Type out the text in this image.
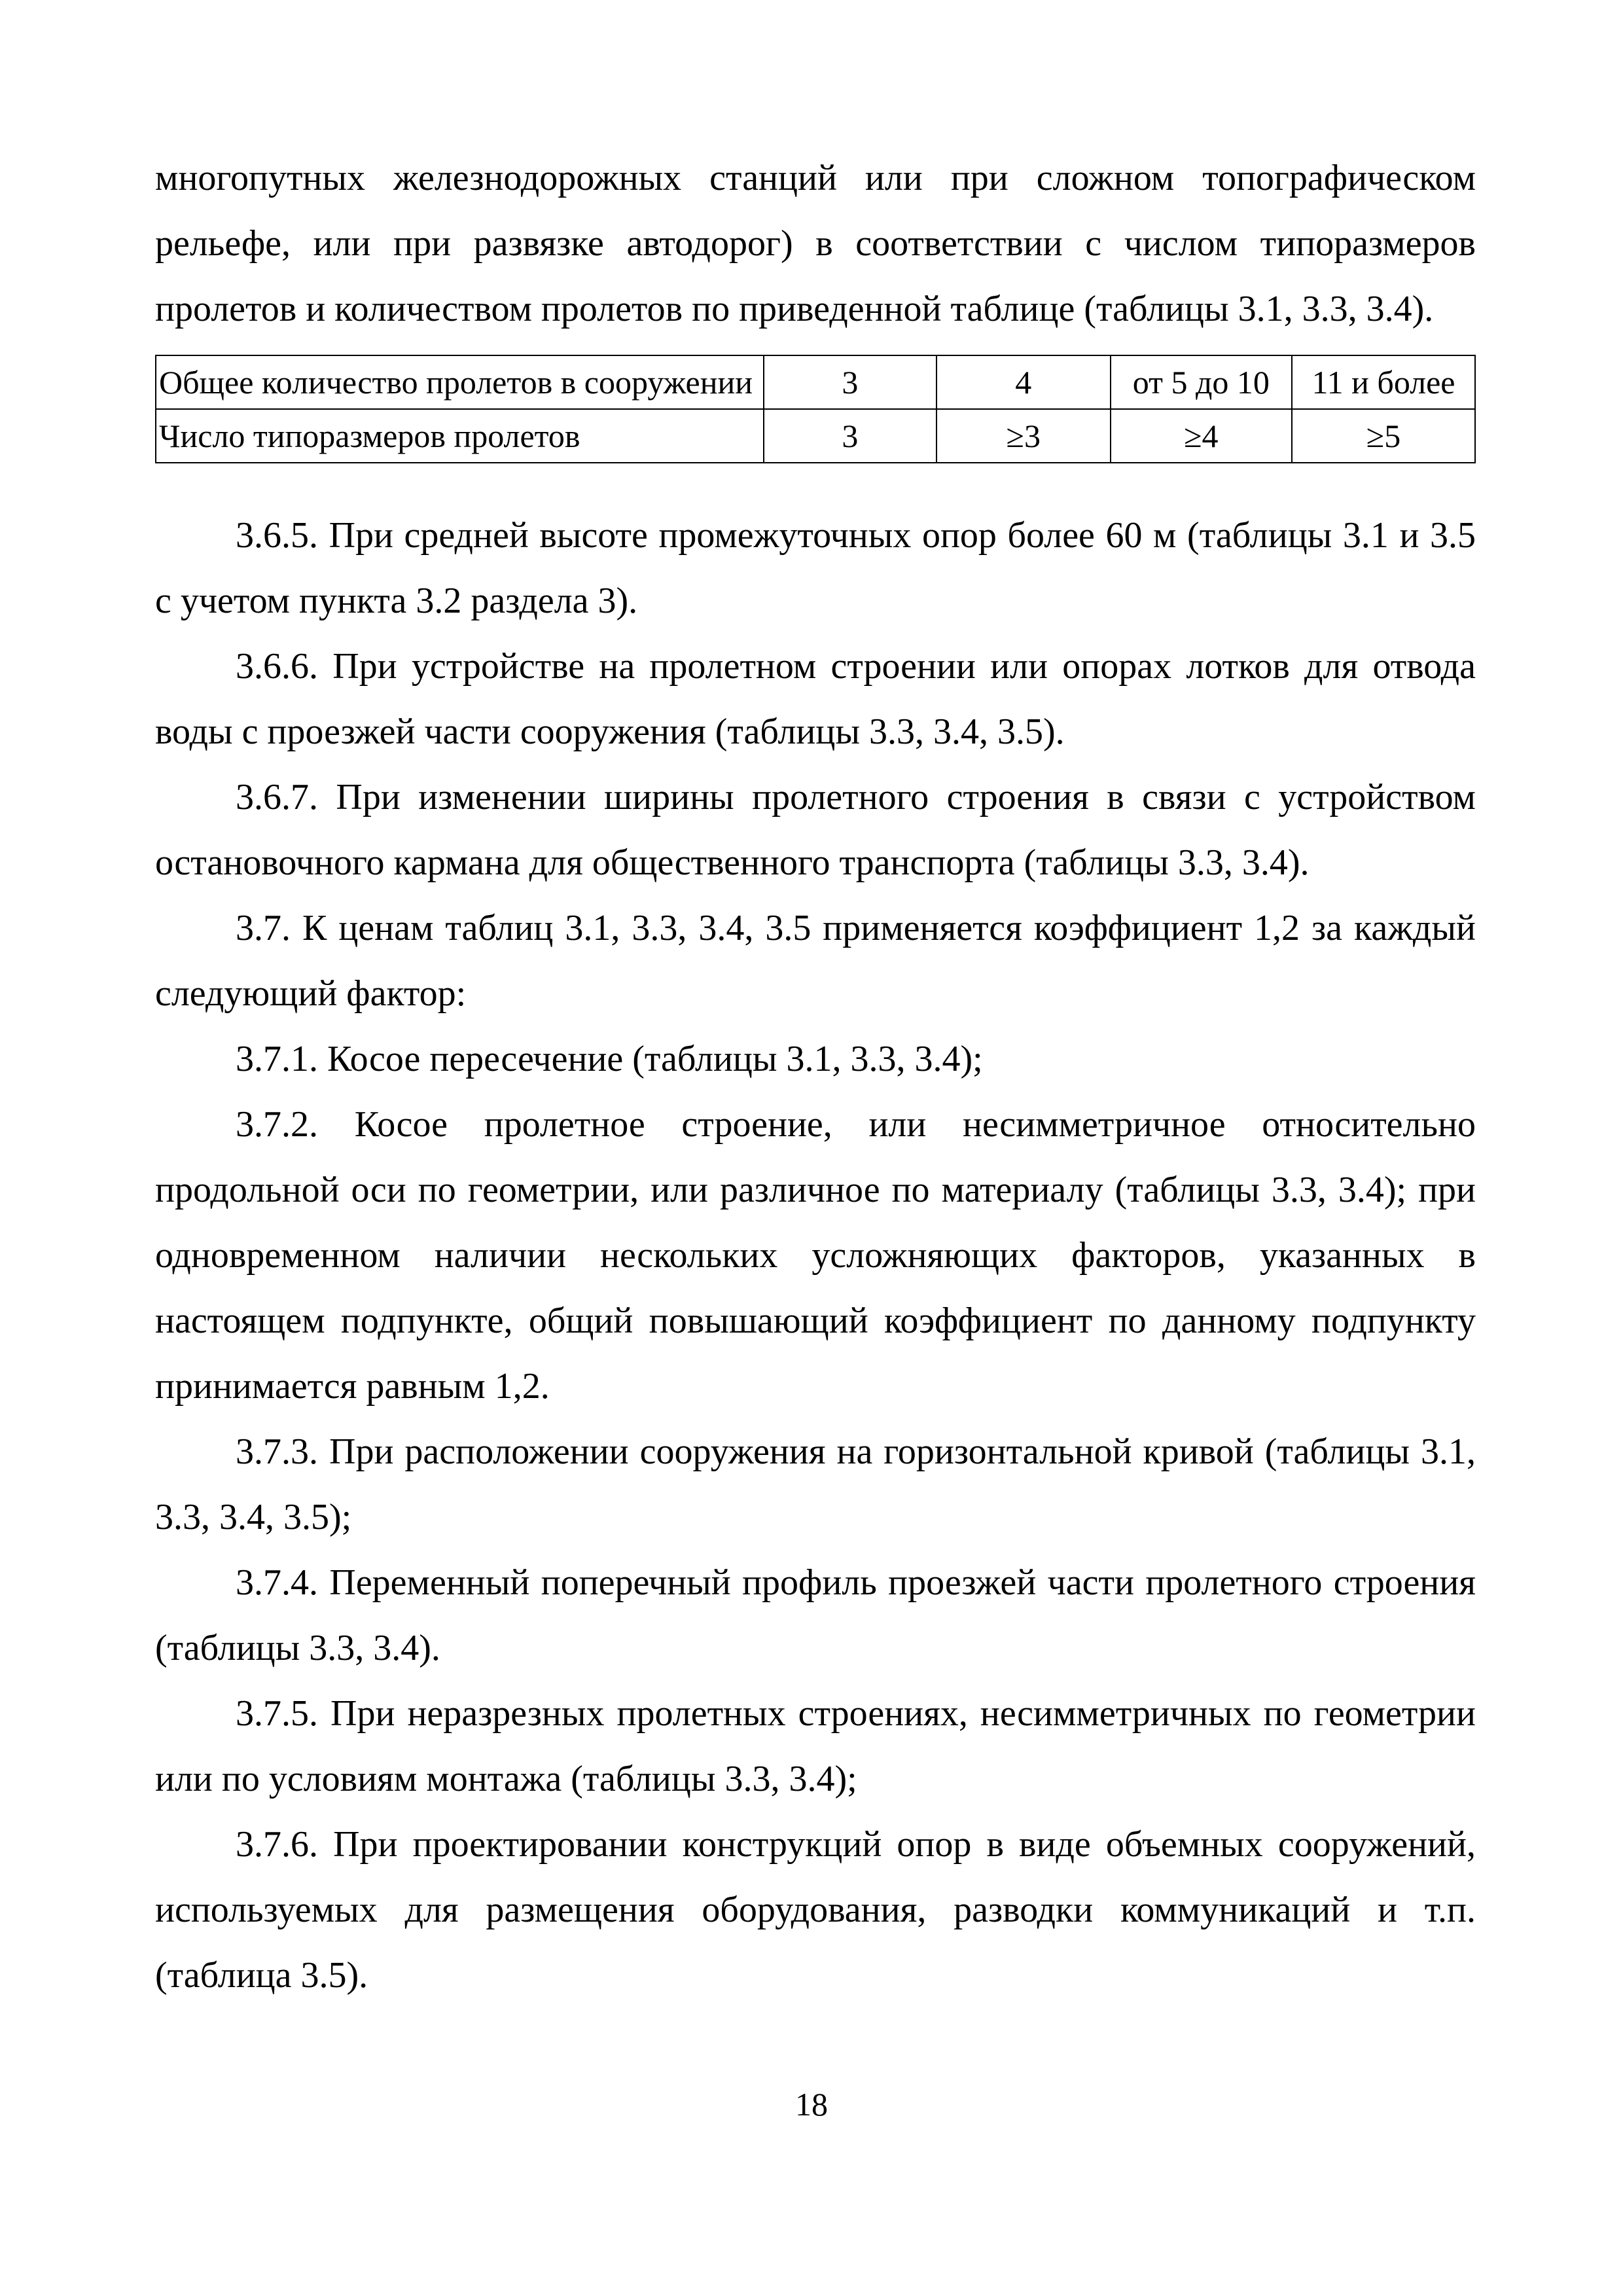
многопутных железнодорожных станций или при сложном топографическом рельефе, или при развязке автодорог) в соответствии с числом типоразмеров пролетов и количеством пролетов по приведенной таблице (таблицы 3.1, 3.3, 3.4).

Общее количество пролетов в сооружении	3	4	от 5 до 10	11 и более
Число типоразмеров пролетов	3	≥3	≥4	≥5

3.6.5. При средней высоте промежуточных опор более 60 м (таблицы 3.1 и 3.5 с учетом пункта 3.2 раздела 3).

3.6.6. При устройстве на пролетном строении или опорах лотков для отвода воды с проезжей части сооружения (таблицы 3.3, 3.4, 3.5).

3.6.7. При изменении ширины пролетного строения в связи с устройством остановочного кармана для общественного транспорта (таблицы 3.3, 3.4).

3.7. К ценам таблиц 3.1, 3.3, 3.4, 3.5 применяется коэффициент 1,2 за каждый следующий фактор:

3.7.1. Косое пересечение (таблицы 3.1, 3.3, 3.4);

3.7.2. Косое пролетное строение, или несимметричное относительно продольной оси по геометрии, или различное по материалу (таблицы 3.3, 3.4); при одновременном наличии нескольких усложняющих факторов, указанных в настоящем подпункте, общий повышающий коэффициент по данному подпункту принимается равным 1,2.

3.7.3. При расположении сооружения на горизонтальной кривой (таблицы 3.1, 3.3, 3.4, 3.5);

3.7.4. Переменный поперечный профиль проезжей части пролетного строения (таблицы 3.3, 3.4).

3.7.5. При неразрезных пролетных строениях, несимметричных по геометрии или по условиям монтажа (таблицы 3.3, 3.4);

3.7.6. При проектировании конструкций опор в виде объемных сооружений, используемых для размещения оборудования, разводки коммуникаций и т.п. (таблица 3.5).

18
